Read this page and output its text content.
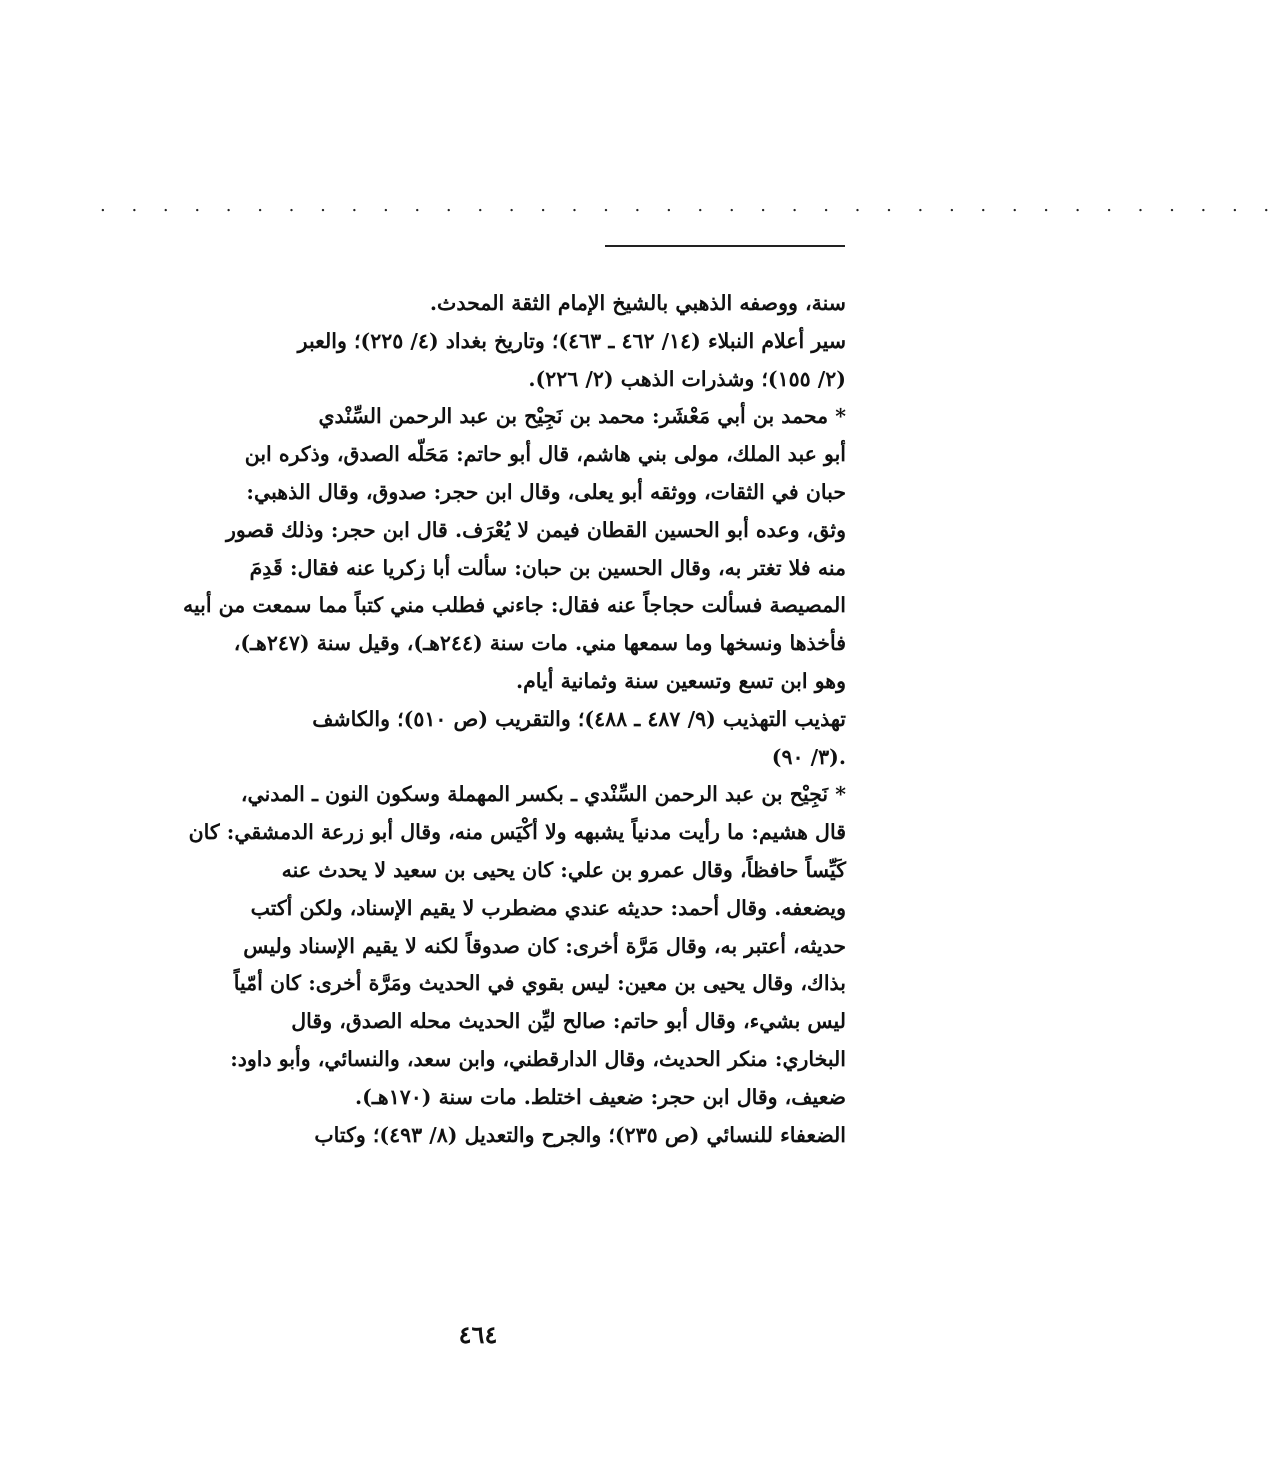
. . . . . . . . . . . . . . . . . . . . . . . . . . . . . . . . . . . . . .
سنة، ووصفه الذهبي بالشيخ الإمام الثقة المحدث.
سير أعلام النبلاء (١٤/ ٤٦٢ ـ ٤٦٣)؛ وتاريخ بغداد (٤/ ٢٢٥)؛ والعبر
(٢/ ١٥٥)؛ وشذرات الذهب (٢/ ٢٢٦).
* محمد بن أبي مَعْشَر: محمد بن نَجِيْح بن عبد الرحمن السِّنْدي
أبو عبد الملك، مولى بني هاشم، قال أبو حاتم: مَحَلّه الصدق، وذكره ابن
حبان في الثقات، ووثقه أبو يعلى، وقال ابن حجر: صدوق، وقال الذهبي:
وثق، وعده أبو الحسين القطان فيمن لا يُعْرَف. قال ابن حجر: وذلك قصور
منه فلا تغتر به، وقال الحسين بن حبان: سألت أبا زكريا عنه فقال: قَدِمَ
المصيصة فسألت حجاجاً عنه فقال: جاءني فطلب مني كتباً مما سمعت من أبيه
فأخذها ونسخها وما سمعها مني. مات سنة (٢٤٤هـ)، وقيل سنة (٢٤٧هـ)،
وهو ابن تسع وتسعين سنة وثمانية أيام.
تهذيب التهذيب (٩/ ٤٨٧ ـ ٤٨٨)؛ والتقريب (ص ٥١٠)؛ والكاشف
.(٣/ ٩٠)
* نَجِيْح بن عبد الرحمن السِّنْدي ـ بكسر المهملة وسكون النون ـ المدني،
قال هشيم: ما رأيت مدنياً يشبهه ولا أكْيَس منه، وقال أبو زرعة الدمشقي: كان
كَيِّساً حافظاً، وقال عمرو بن علي: كان يحيى بن سعيد لا يحدث عنه
ويضعفه. وقال أحمد: حديثه عندي مضطرب لا يقيم الإسناد، ولكن أكتب
حديثه، أعتبر به، وقال مَرَّة أخرى: كان صدوقاً لكنه لا يقيم الإسناد وليس
بذاك، وقال يحيى بن معين: ليس بقوي في الحديث ومَرَّة أخرى: كان أمّياً
ليس بشيء، وقال أبو حاتم: صالح ليِّن الحديث محله الصدق، وقال
البخاري: منكر الحديث، وقال الدارقطني، وابن سعد، والنسائي، وأبو داود:
ضعيف، وقال ابن حجر: ضعيف اختلط. مات سنة (١٧٠هـ).
الضعفاء للنسائي (ص ٢٣٥)؛ والجرح والتعديل (٨/ ٤٩٣)؛ وكتاب
٤٦٤
